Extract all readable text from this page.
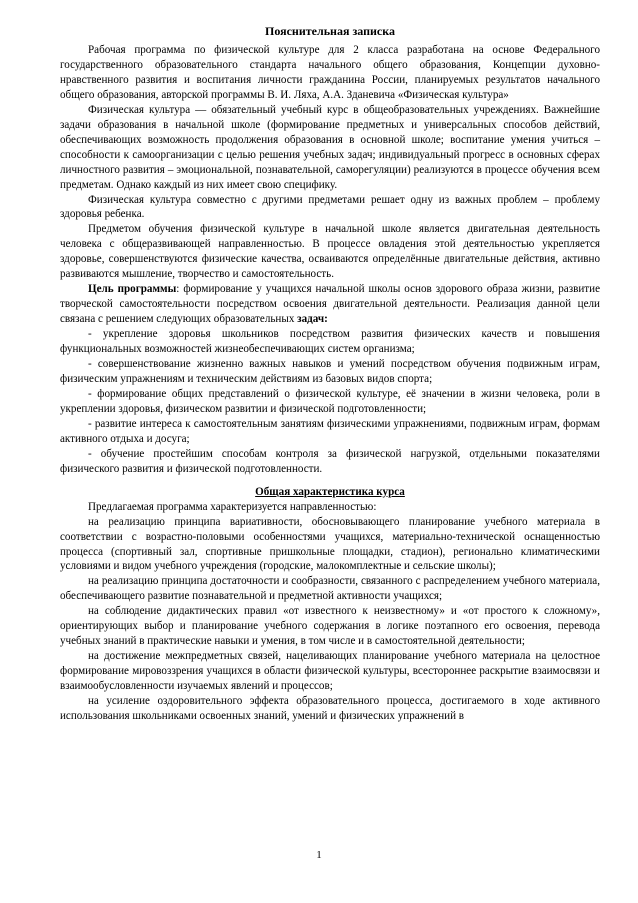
Пояснительная записка

Рабочая программа по физической культуре для 2 класса разработана на основе Федерального государственного образовательного стандарта начального общего образования, Концепции духовно-нравственного развития и воспитания личности гражданина России, планируемых результатов начального общего образования, авторской программы В. И. Ляха, А.А. Зданевича «Физическая культура»

Физическая культура — обязательный учебный курс в общеобразовательных учреждениях. Важнейшие задачи образования в начальной школе (формирование предметных и универсальных способов действий, обеспечивающих возможность продолжения образования в основной школе; воспитание умения учиться – способности к самоорганизации с целью решения учебных задач; индивидуальный прогресс в основных сферах личностного развития – эмоциональной, познавательной, саморегуляции) реализуются в процессе обучения всем предметам. Однако каждый из них имеет свою специфику.

Физическая культура совместно с другими предметами решает одну из важных проблем – проблему здоровья ребенка.

Предметом обучения физической культуре в начальной школе является двигательная деятельность человека с общеразвивающей направленностью. В процессе овладения этой деятельностью укрепляется здоровье, совершенствуются физические качества, осваиваются определённые двигательные действия, активно развиваются мышление, творчество и самостоятельность.

Цель программы: формирование у учащихся начальной школы основ здорового образа жизни, развитие творческой самостоятельности посредством освоения двигательной деятельности. Реализация данной цели связана с решением следующих образовательных задач:

- укрепление здоровья школьников посредством развития физических качеств и повышения функциональных возможностей жизнеобеспечивающих систем организма;

- совершенствование жизненно важных навыков и умений посредством обучения подвижным играм, физическим упражнениям и техническим действиям из базовых видов спорта;

- формирование общих представлений о физической культуре, её значении в жизни человека, роли в укреплении здоровья, физическом развитии и физической подготовленности;

- развитие интереса к самостоятельным занятиям физическими упражнениями, подвижным играм, формам активного отдыха и досуга;

- обучение простейшим способам контроля за физической нагрузкой, отдельными показателями физического развития и физической подготовленности.

Общая характеристика курса

Предлагаемая программа характеризуется направленностью:

на реализацию принципа вариативности, обосновывающего планирование учебного материала в соответствии с возрастно-половыми особенностями учащихся, материально-технической оснащенностью процесса (спортивный зал, спортивные пришкольные площадки, стадион), регионально климатическими условиями и видом учебного учреждения (городские, малокомплектные и сельские школы);

на реализацию принципа достаточности и сообразности, связанного с распределением учебного материала, обеспечивающего развитие познавательной и предметной активности учащихся;

на соблюдение дидактических правил «от известного к неизвестному» и «от простого к сложному», ориентирующих выбор и планирование учебного содержания в логике поэтапного его освоения, перевода учебных знаний в практические навыки и умения, в том числе и в самостоятельной деятельности;

на достижение межпредметных связей, нацеливающих планирование учебного материала на целостное формирование мировоззрения учащихся в области физической культуры, всестороннее раскрытие взаимосвязи и взаимообусловленности изучаемых явлений и процессов;

на усиление оздоровительного эффекта образовательного процесса, достигаемого в ходе активного использования школьниками освоенных знаний, умений и физических упражнений в

1
